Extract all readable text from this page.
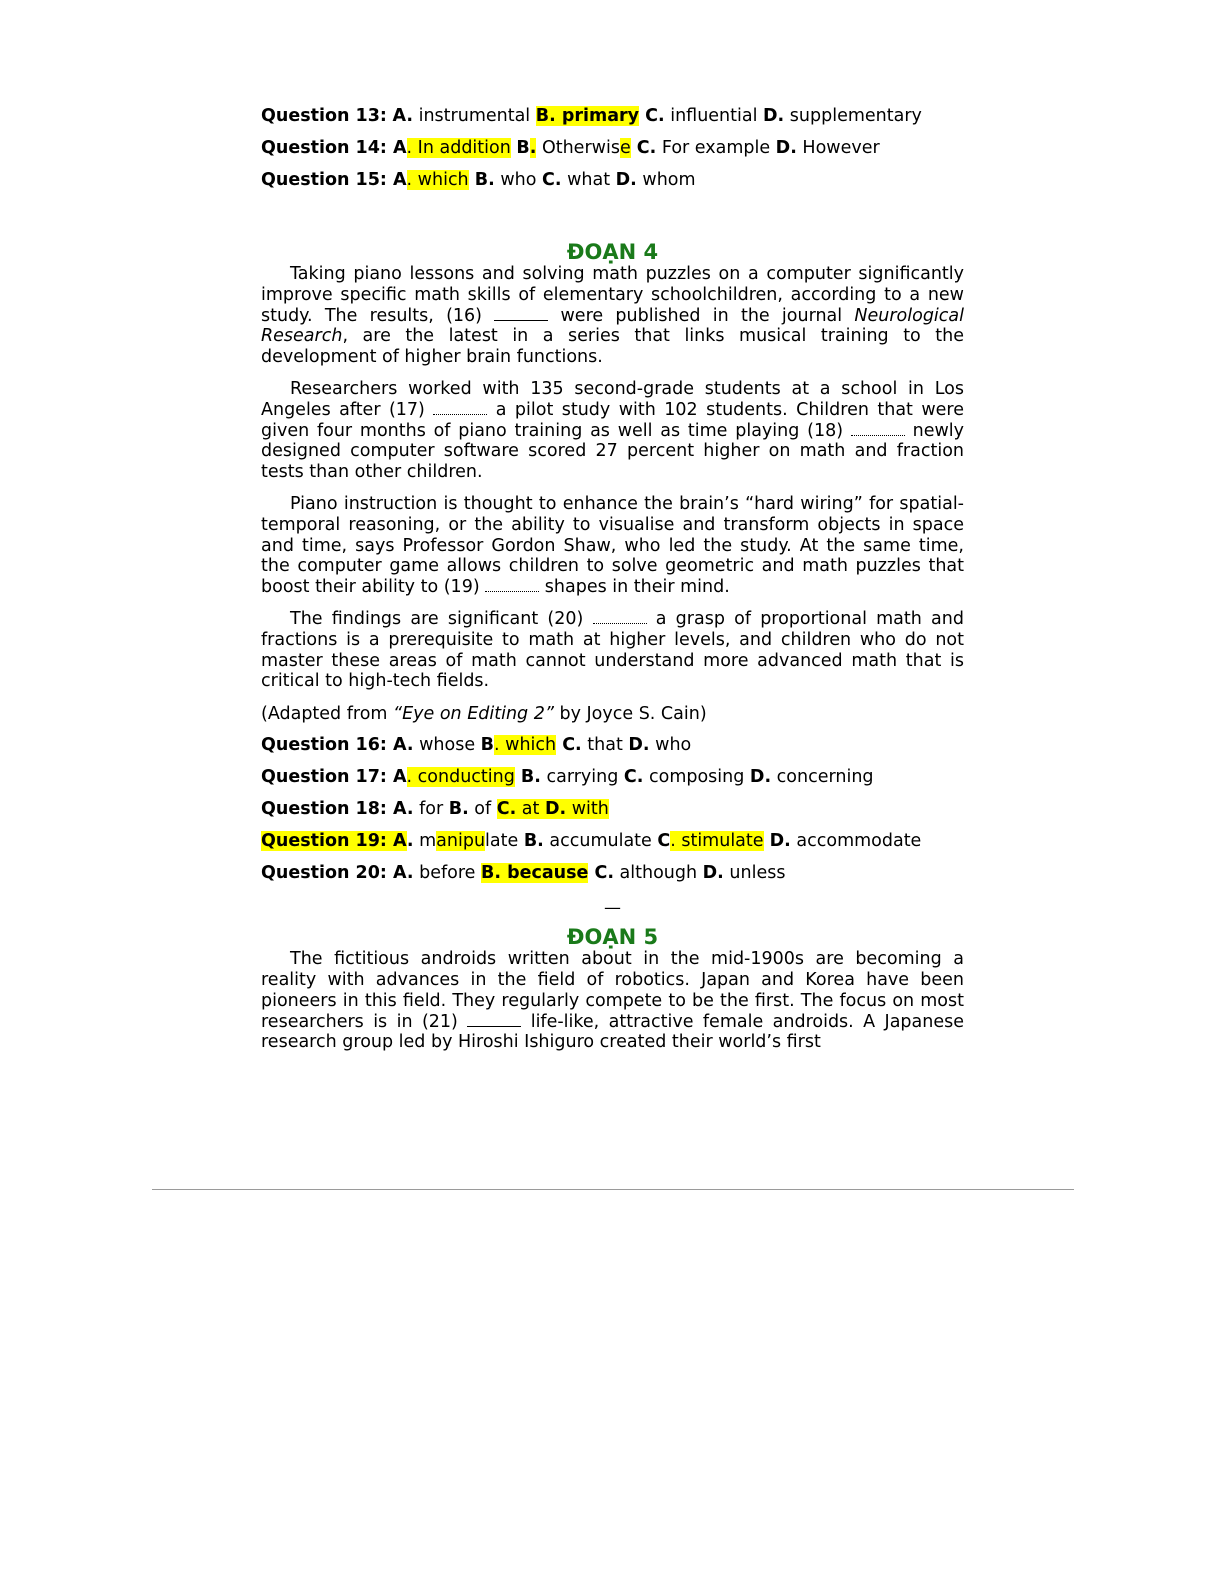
Question 13: A. instrumental B. primary C. influential D. supplementary
Question 14: A. In addition B. Otherwise C. For example D. However
Question 15: A. which B. who C. what D. whom
ĐOẠN 4

Taking piano lessons and solving math puzzles on a computer significantly improve specific math skills of elementary schoolchildren, according to a new study. The results, (16)	were published in the journal Neurological Research, are the latest in a series that links musical training to the development of higher brain functions.

Researchers worked with 135 second-grade students at a school in Los Angeles after (17)	a pilot study with 102 students. Children that were given four months of piano training as well as time playing (18)	newly designed computer software scored 27 percent higher on math and fraction tests than other children.

Piano instruction is thought to enhance the brain’s “hard wiring” for spatial-temporal reasoning, or the ability to visualise and transform objects in space and time, says Professor Gordon Shaw, who led the study. At the same time, the computer game allows children to solve geometric and math puzzles that boost their ability to (19)	shapes in their mind.

The findings are significant (20)	a grasp of proportional math and fractions is a prerequisite to math at higher levels, and children who do not master these areas of math cannot understand more advanced math that is critical to high-tech fields.

(Adapted from “Eye on Editing 2” by Joyce S. Cain)

Question 16: A. whose B. which C. that D. who
Question 17: A. conducting B. carrying C. composing D. concerning
Question 18: A. for B. of C. at D. with
Question 19: A. manipulate B. accumulate C. stimulate D. accommodate
Question 20: A. before B. because C. although D. unless
—
ĐOẠN 5

The fictitious androids written about in the mid-1900s are becoming a reality with advances in the field of robotics. Japan and Korea have been pioneers in this field. They regularly compete to be the first. The focus on most researchers is in (21)	life-like, attractive female androids. A Japanese research group led by Hiroshi Ishiguro created their world’s first
